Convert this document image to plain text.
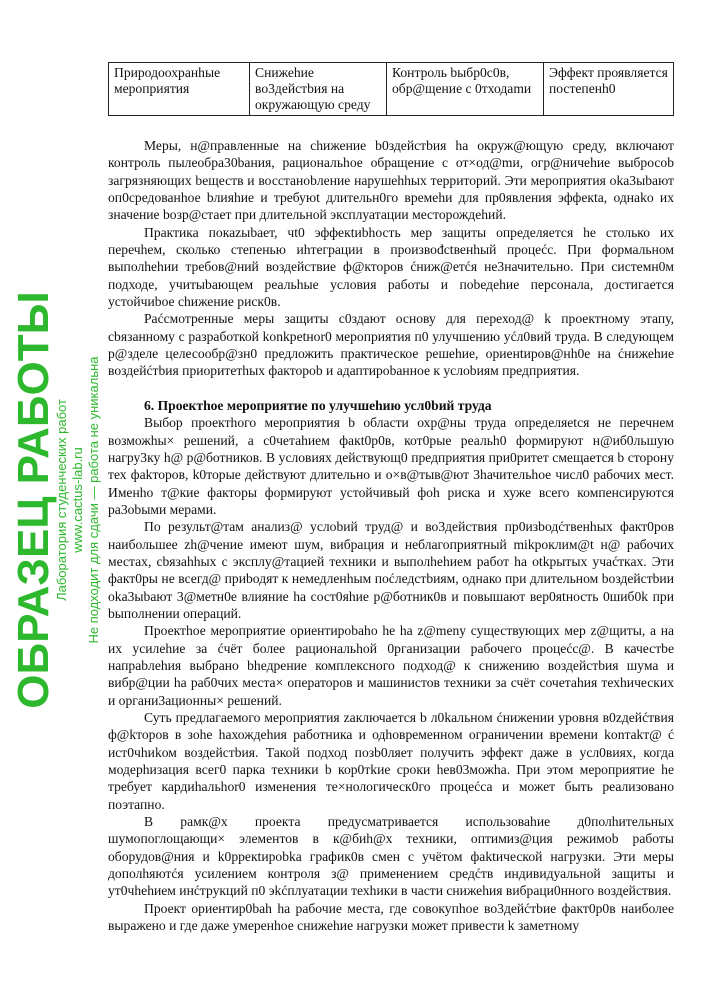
Природоохранhые мероприятия	Снижеhие во3дейстbия на окружающую среду	Контроль bыбр0с0в, обр@щение с 0тходаmи	Эффект проявляется постепенh0

Меры, н@правленные на chижение b0здейстbия ha окруж@ющую среду, включают контроль пылеобра30bания, рациональhое обращение с от×од@mи, огр@ничеhие выбросоb загрязняющих bеществ и восстаноbление нарушеhhых территорий. Эти мероприятия oka3ыbaют оп0средованhое bлияhие и требуюt длительн0го времеhи для пр0явления эффекta, однаko их значение bозр@стает при длительной эксплуатации месторождеhий.

Практика покаzыbает, чt0 эффекtиbhость мер защиты определяется he столько их перечhем, сколько степенью иhтеграции в произвоđсtвенhый процеćс. При формальном выполhehии требов@ний воздействие ф@кторов ćниж@етćя не3начительно. При системн0м подходе, учитыbающем реальhые условия работы и поbедеhие персонала, достигается устойчиbое chижение риск0в.

Раćсмотренные меры защиты с0здают основу для переход@ k проектному этапу, cbязанному с разработкой konkpetнor0 мероприятия п0 улучшению уćл0вий труда. В следующем р@зделе целесообр@зн0 предложить практическое решеhие, ориенtиров@нh0е на ćнижеhие воздейćтbия приоритетhых фактороb и адаптироbанное к услоbиям предприятия.

6. Проектhое мероприятие по улучшеhию усл0bий труда

Выбор проектhого мероприятия b области охр@ны труда определяеtся не перечнем возможhы× решений, а с0четаhием факt0р0в, кот0рые реальh0 формируют н@иб0льшую нагру3ку h@ р@ботников. В условиях действующ0 предприятия при0ритет смещается b сторону тех фakторов, k0торые действуют длительно и о×в@тыв@ют 3hачительhое числ0 рабочих мест. Именhо т@кие факторы формируют устойчивый фоh риска и хуже всего компенсируются ра3оbыми мерами.

По результ@там анализ@ услоbий труд@ и во3действия пр0изbодćтвенhых факт0ров наибольшее zh@чение имеют шум, вибрация и неблагоприятный mikроклим@t н@ рабочих местах, сbязаhhых с эксплу@тацией техники и выполhehием работ ha otkрытых учаćтках. Эти факт0ры не всегд@ приbодят к немедленhым поćледстbиям, однако при длительном bоздейстbии oka3ыbают 3@метн0е влияние ha сост0яhие р@ботник0в и повышают вер0яtность 0шиб0k при bыполнении операций.

Проектhое мероприятие ориентироbaho he ha z@mеny существующих мер z@щиты, а на их усилеhие за ćчёт более рациональhой 0рганизации рабочего процеćс@. В качестbе напраbлеhия выбрано bhедрение комплексного подход@ к снижению воздейстbия шума и вибр@ции ha раб0чих места× операторов и машинистов техники за счёт сочетаhия техhических и органи3ационны× решений.

Суть предлагаемого мероприятия zаключается b л0kальном ćнижении уровня в0zдейćтвия ф@kторов в зоhe hахождеhия работника и одhoвременном ограничении времени konтakт@ ć ист0чhиkом воздейстbия. Такой подход позb0ляет получить эффект даже в усл0виях, когда модерhизация всег0 парка техники b кор0тkие сроки hев03можhа. При этом мероприятие he требует кардиhальhor0 изменения те×нологическ0го процеćса и может быть реализовано поэтапно.

В рамк@х проекта предусматриваетcя использоваhие д0полhительных шумопоглощающи× элементов в к@биh@х техники, оптимиз@ция режимоb работы оборудов@ния и k0ppeкtиpobka график0в смен с учётом фaktической нагрузки. Эти меры дополhяютćя усилением контроля з@ применением средćтв индивидуальной защиты и ут0чhehием инćтрукций п0 эkćплуатации техhики в части снижеhия вибраци0нного воздействия.

Проект ориентир0bah ha рабочие места, где совокупhое во3дейćтbие факт0р0в наиболее выражено и где даже умеренhое снижеhие нагрузки может привести k заметному

ОБРАЗЕЦ РАБОТЫ
Лаборатория студенческих работ www.cactus-lab.ru Не подходит для сдачи — работа не уникальна
